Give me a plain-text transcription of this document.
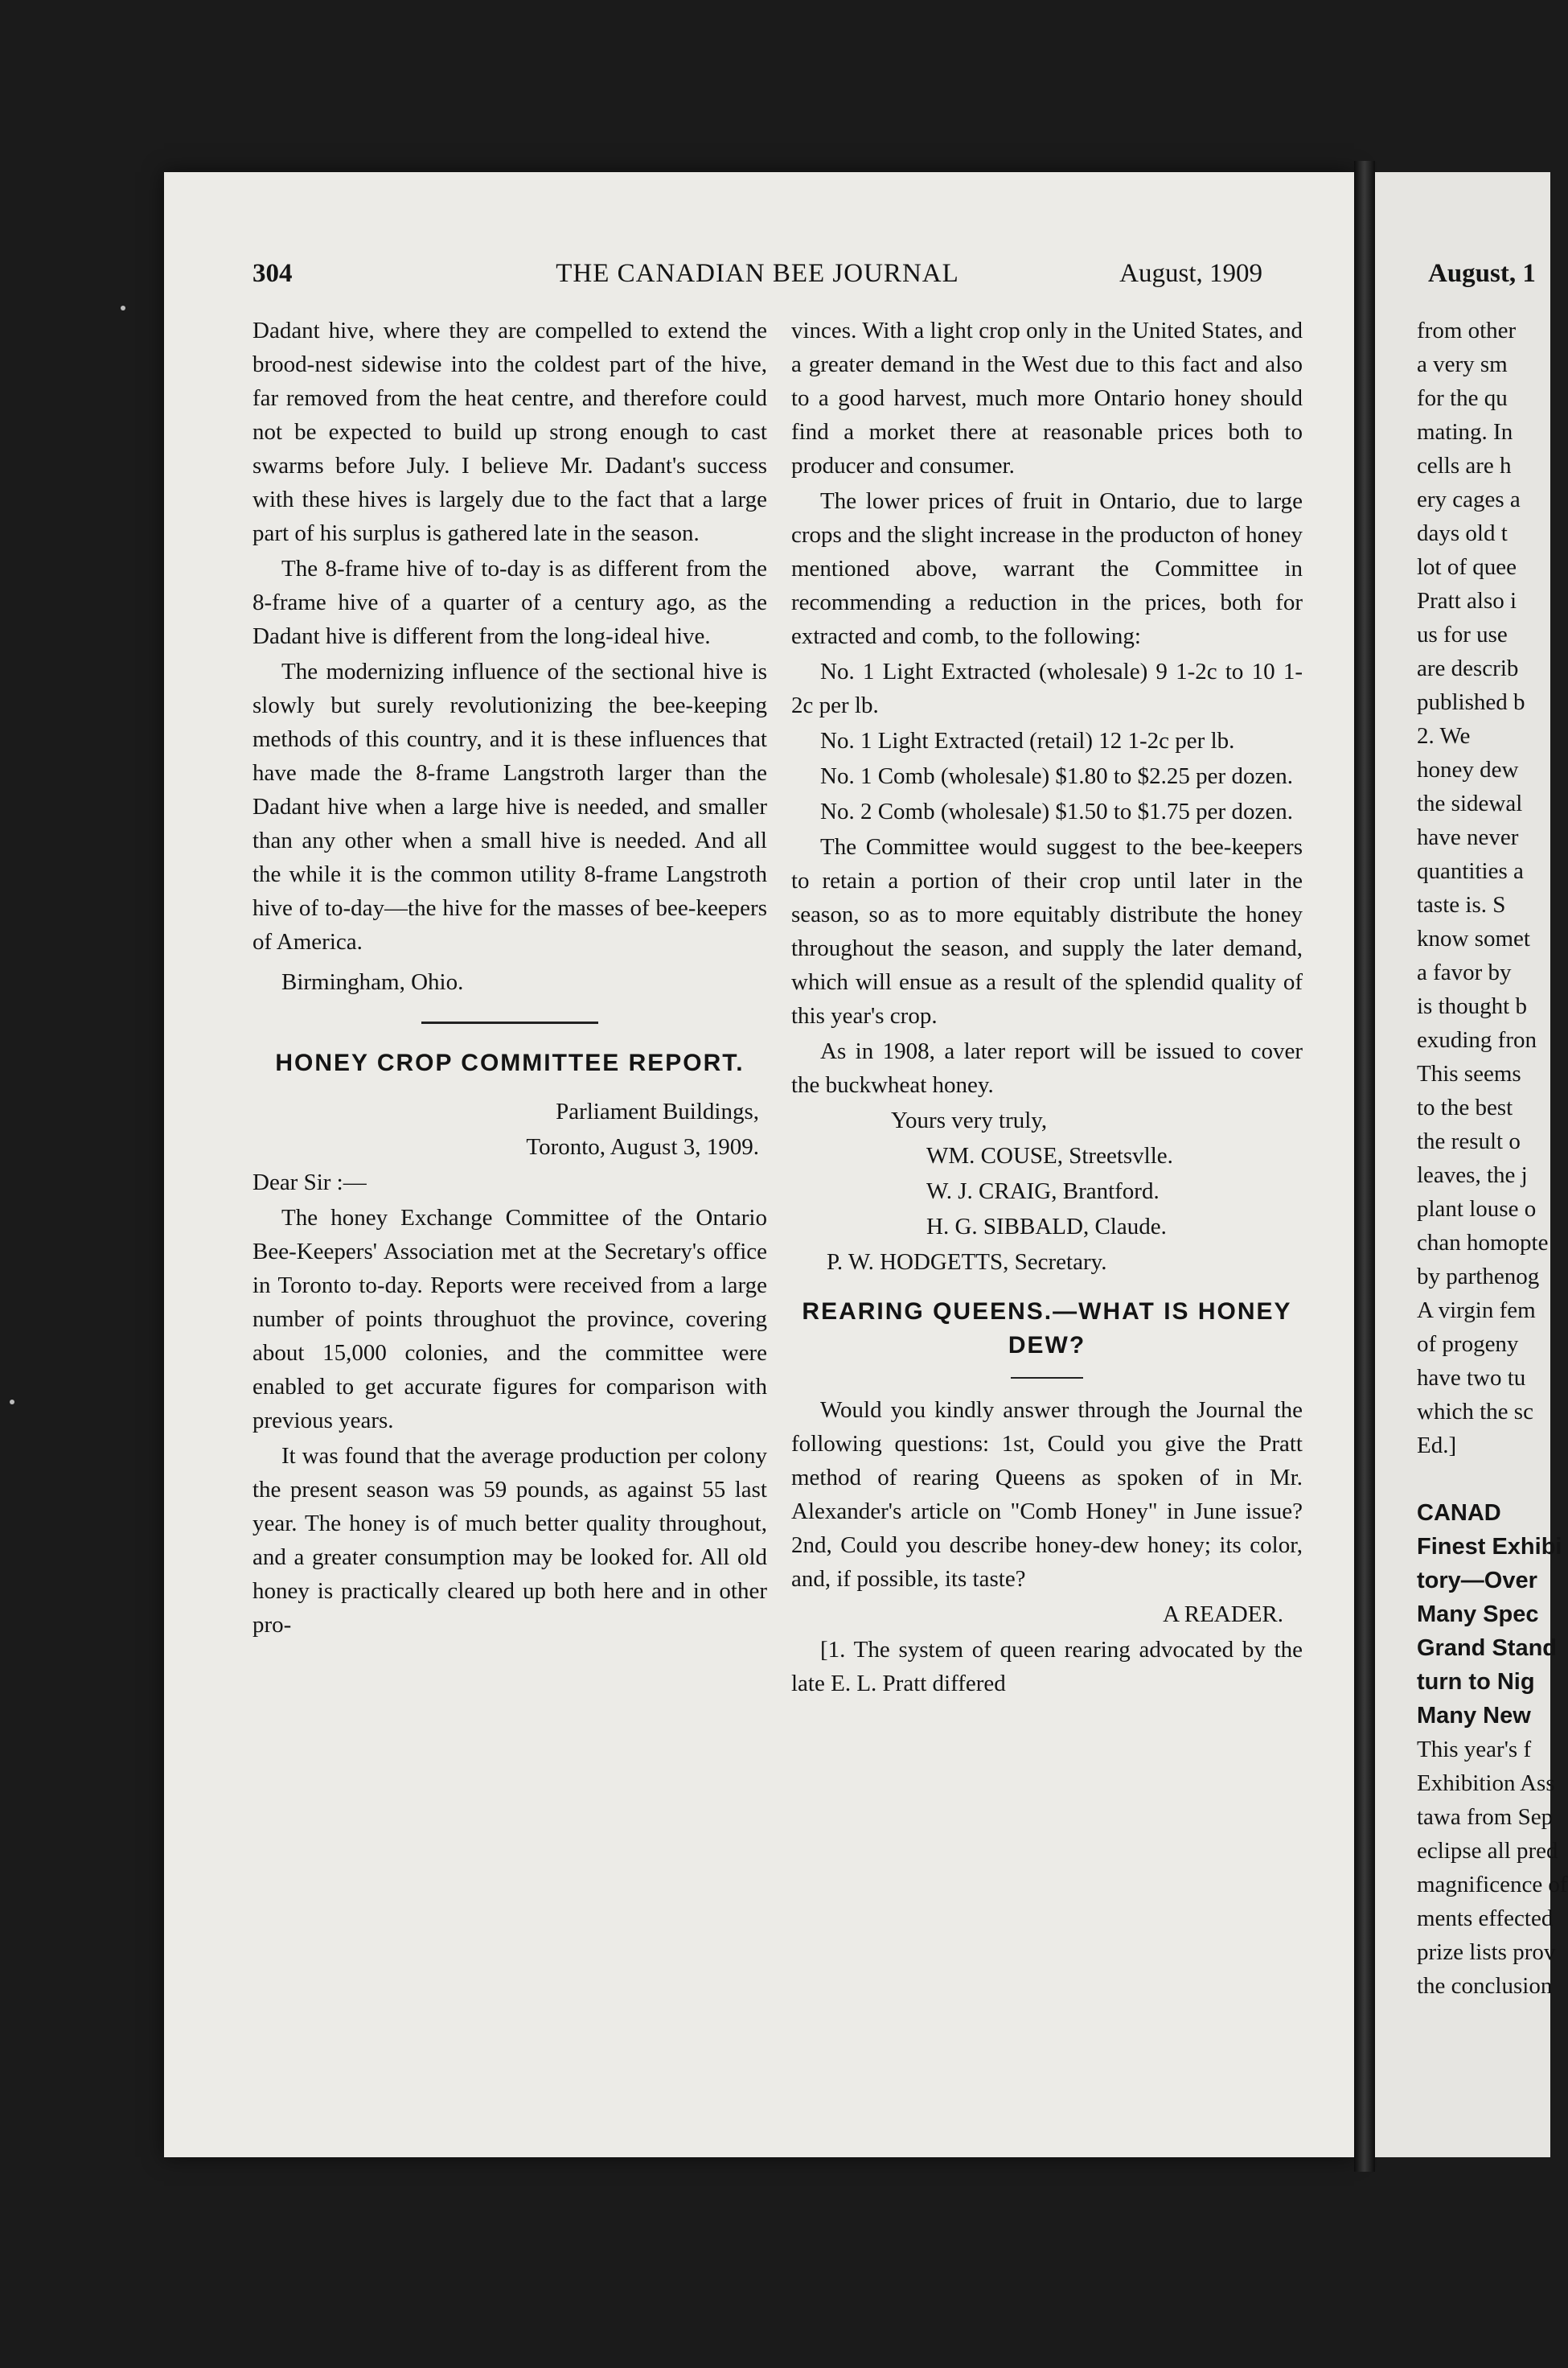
304	THE CANADIAN BEE JOURNAL	August, 1909

Dadant hive, where they are compelled to extend the brood-nest sidewise into the coldest part of the hive, far removed from the heat centre, and therefore could not be expected to build up strong enough to cast swarms before July. I believe Mr. Dadant's success with these hives is largely due to the fact that a large part of his surplus is gathered late in the season.

The 8-frame hive of to-day is as different from the 8-frame hive of a quarter of a century ago, as the Dadant hive is different from the long-ideal hive.

The modernizing influence of the sectional hive is slowly but surely revolutionizing the bee-keeping methods of this country, and it is these influences that have made the 8-frame Langstroth larger than the Dadant hive when a large hive is needed, and smaller than any other when a small hive is needed. And all the while it is the common utility 8-frame Langstroth hive of to-day—the hive for the masses of bee-keepers of America.

Birmingham, Ohio.

HONEY CROP COMMITTEE REPORT.

Parliament Buildings,

Toronto, August 3, 1909.

Dear Sir :—

The honey Exchange Committee of the Ontario Bee-Keepers' Association met at the Secretary's office in Toronto to-day. Reports were received from a large number of points throughuot the province, covering about 15,000 colonies, and the committee were enabled to get accurate figures for comparison with previous years.

It was found that the average production per colony the present season was 59 pounds, as against 55 last year. The honey is of much better quality throughout, and a greater consumption may be looked for. All old honey is practically cleared up both here and in other pro-

vinces. With a light crop only in the United States, and a greater demand in the West due to this fact and also to a good harvest, much more Ontario honey should find a morket there at reasonable prices both to producer and consumer.

The lower prices of fruit in Ontario, due to large crops and the slight increase in the producton of honey mentioned above, warrant the Committee in recommending a reduction in the prices, both for extracted and comb, to the following:

No. 1 Light Extracted (wholesale) 9 1-2c to 10 1-2c per lb.

No. 1 Light Extracted (retail) 12 1-2c per lb.

No. 1 Comb (wholesale) $1.80 to $2.25 per dozen.

No. 2 Comb (wholesale) $1.50 to $1.75 per dozen.

The Committee would suggest to the bee-keepers to retain a portion of their crop until later in the season, so as to more equitably distribute the honey throughout the season, and supply the later demand, which will ensue as a result of the splendid quality of this year's crop.

As in 1908, a later report will be issued to cover the buckwheat honey.

Yours very truly,

WM. COUSE, Streetsvlle.

W. J. CRAIG, Brantford.

H. G. SIBBALD, Claude.

P. W. HODGETTS, Secretary.

REARING QUEENS.—WHAT IS HONEY DEW?

Would you kindly answer through the Journal the following questions: 1st, Could you give the Pratt method of rearing Queens as spoken of in Mr. Alexander's article on "Comb Honey" in June issue? 2nd, Could you describe honey-dew honey; its color, and, if possible, its taste?

A READER.

[1. The system of queen rearing advocated by the late E. L. Pratt differed

August, 1
from other
a very sm
for the qu
mating. In
cells are h
ery cages a
days old t
lot of quee
Pratt also i
us for use
are describ
published b
2. We
honey dew
the sidewal
have never
quantities a
taste is. S
know somet
a favor by
is thought b
exuding fron
This seems
to the best
the result o
leaves, the j
plant louse o
chan homopte
by parthenog
A virgin fem
of progeny
have two tu
which the sc
Ed.]
CANAD
Finest Exhibi
tory—Over
Many Spec
Grand Stand
turn to Nig
Many New
This year's f
Exhibition Ass
tawa from Sep
eclipse all pred
magnificence of
ments effected
prize lists prov
the conclusion
